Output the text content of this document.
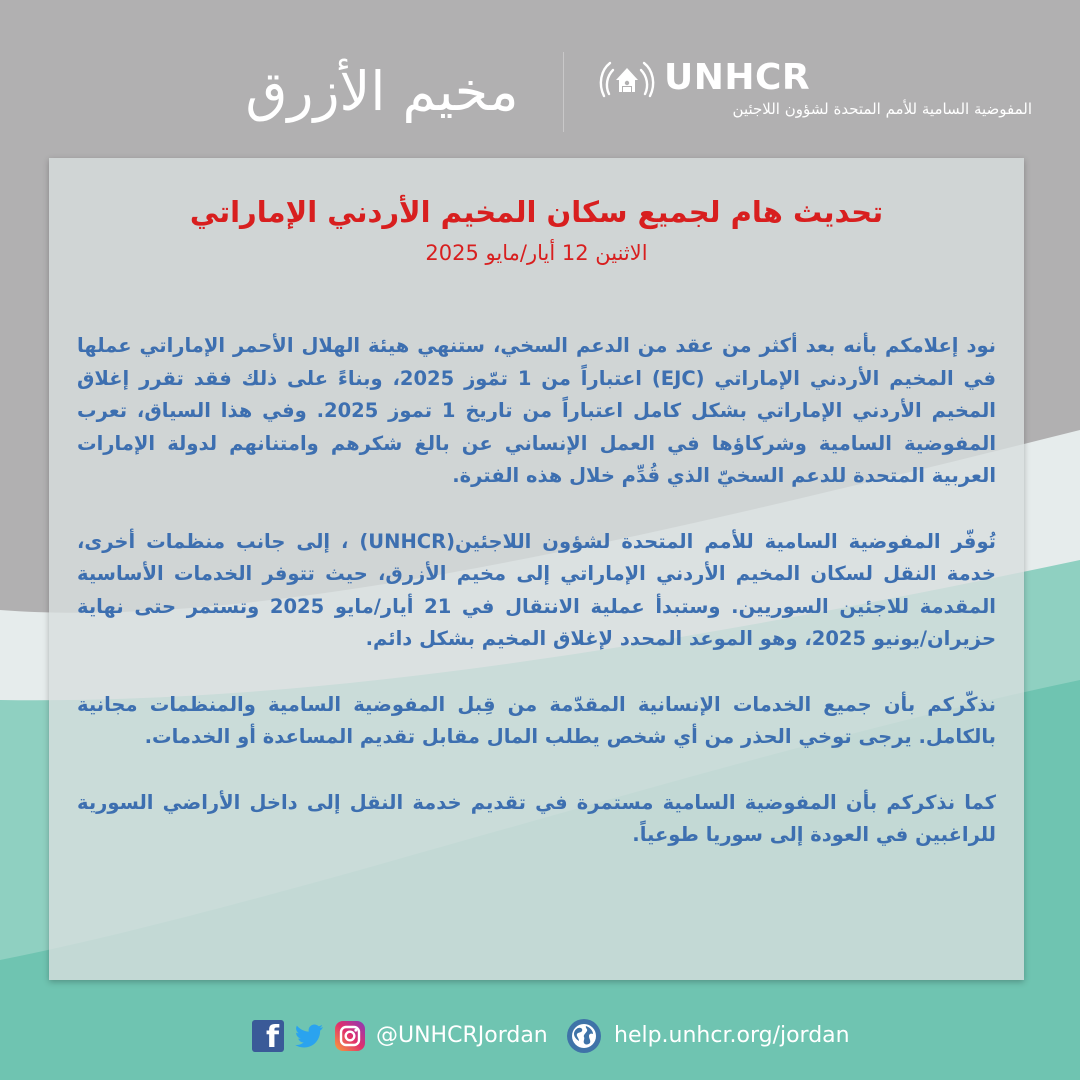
مخيم الأزرق	UNHCR
المفوضية السامية للأمم المتحدة لشؤون اللاجئين
تحديث هام لجميع سكان المخيم الأردني الإماراتي
الاثنين 12 أيار/مايو 2025

نود إعلامكم بأنه بعد أكثر من عقد من الدعم السخي، ستنهي هيئة الهلال الأحمر الإماراتي عملها في المخيم الأردني الإماراتي (EJC) اعتباراً من 1 تمّوز 2025، وبناءً على ذلك فقد تقرر إغلاق المخيم الأردني الإماراتي بشكل كامل اعتباراً من تاريخ 1 تموز 2025. وفي هذا السياق، تعرب المفوضية السامية وشركاؤها في العمل الإنساني عن بالغ شكرهم وامتنانهم لدولة الإمارات العربية المتحدة للدعم السخيّ الذي قُدِّم خلال هذه الفترة.

تُوفّر المفوضية السامية للأمم المتحدة لشؤون اللاجئين(UNHCR) ، إلى جانب منظمات أخرى، خدمة النقل لسكان المخيم الأردني الإماراتي إلى مخيم الأزرق، حيث تتوفر الخدمات الأساسية المقدمة للاجئين السوريين. وستبدأ عملية الانتقال في 21 أيار/مايو 2025 وتستمر حتى نهاية حزيران/يونيو 2025، وهو الموعد المحدد لإغلاق المخيم بشكل دائم.

نذكّركم بأن جميع الخدمات الإنسانية المقدّمة من قِبل المفوضية السامية والمنظمات مجانية بالكامل. يرجى توخي الحذر من أي شخص يطلب المال مقابل تقديم المساعدة أو الخدمات.

كما نذكركم بأن المفوضية السامية مستمرة في تقديم خدمة النقل إلى داخل الأراضي السورية للراغبين في العودة إلى سوريا طوعياً.

f	@UNHCRJordan	help.unhcr.org/jordan
